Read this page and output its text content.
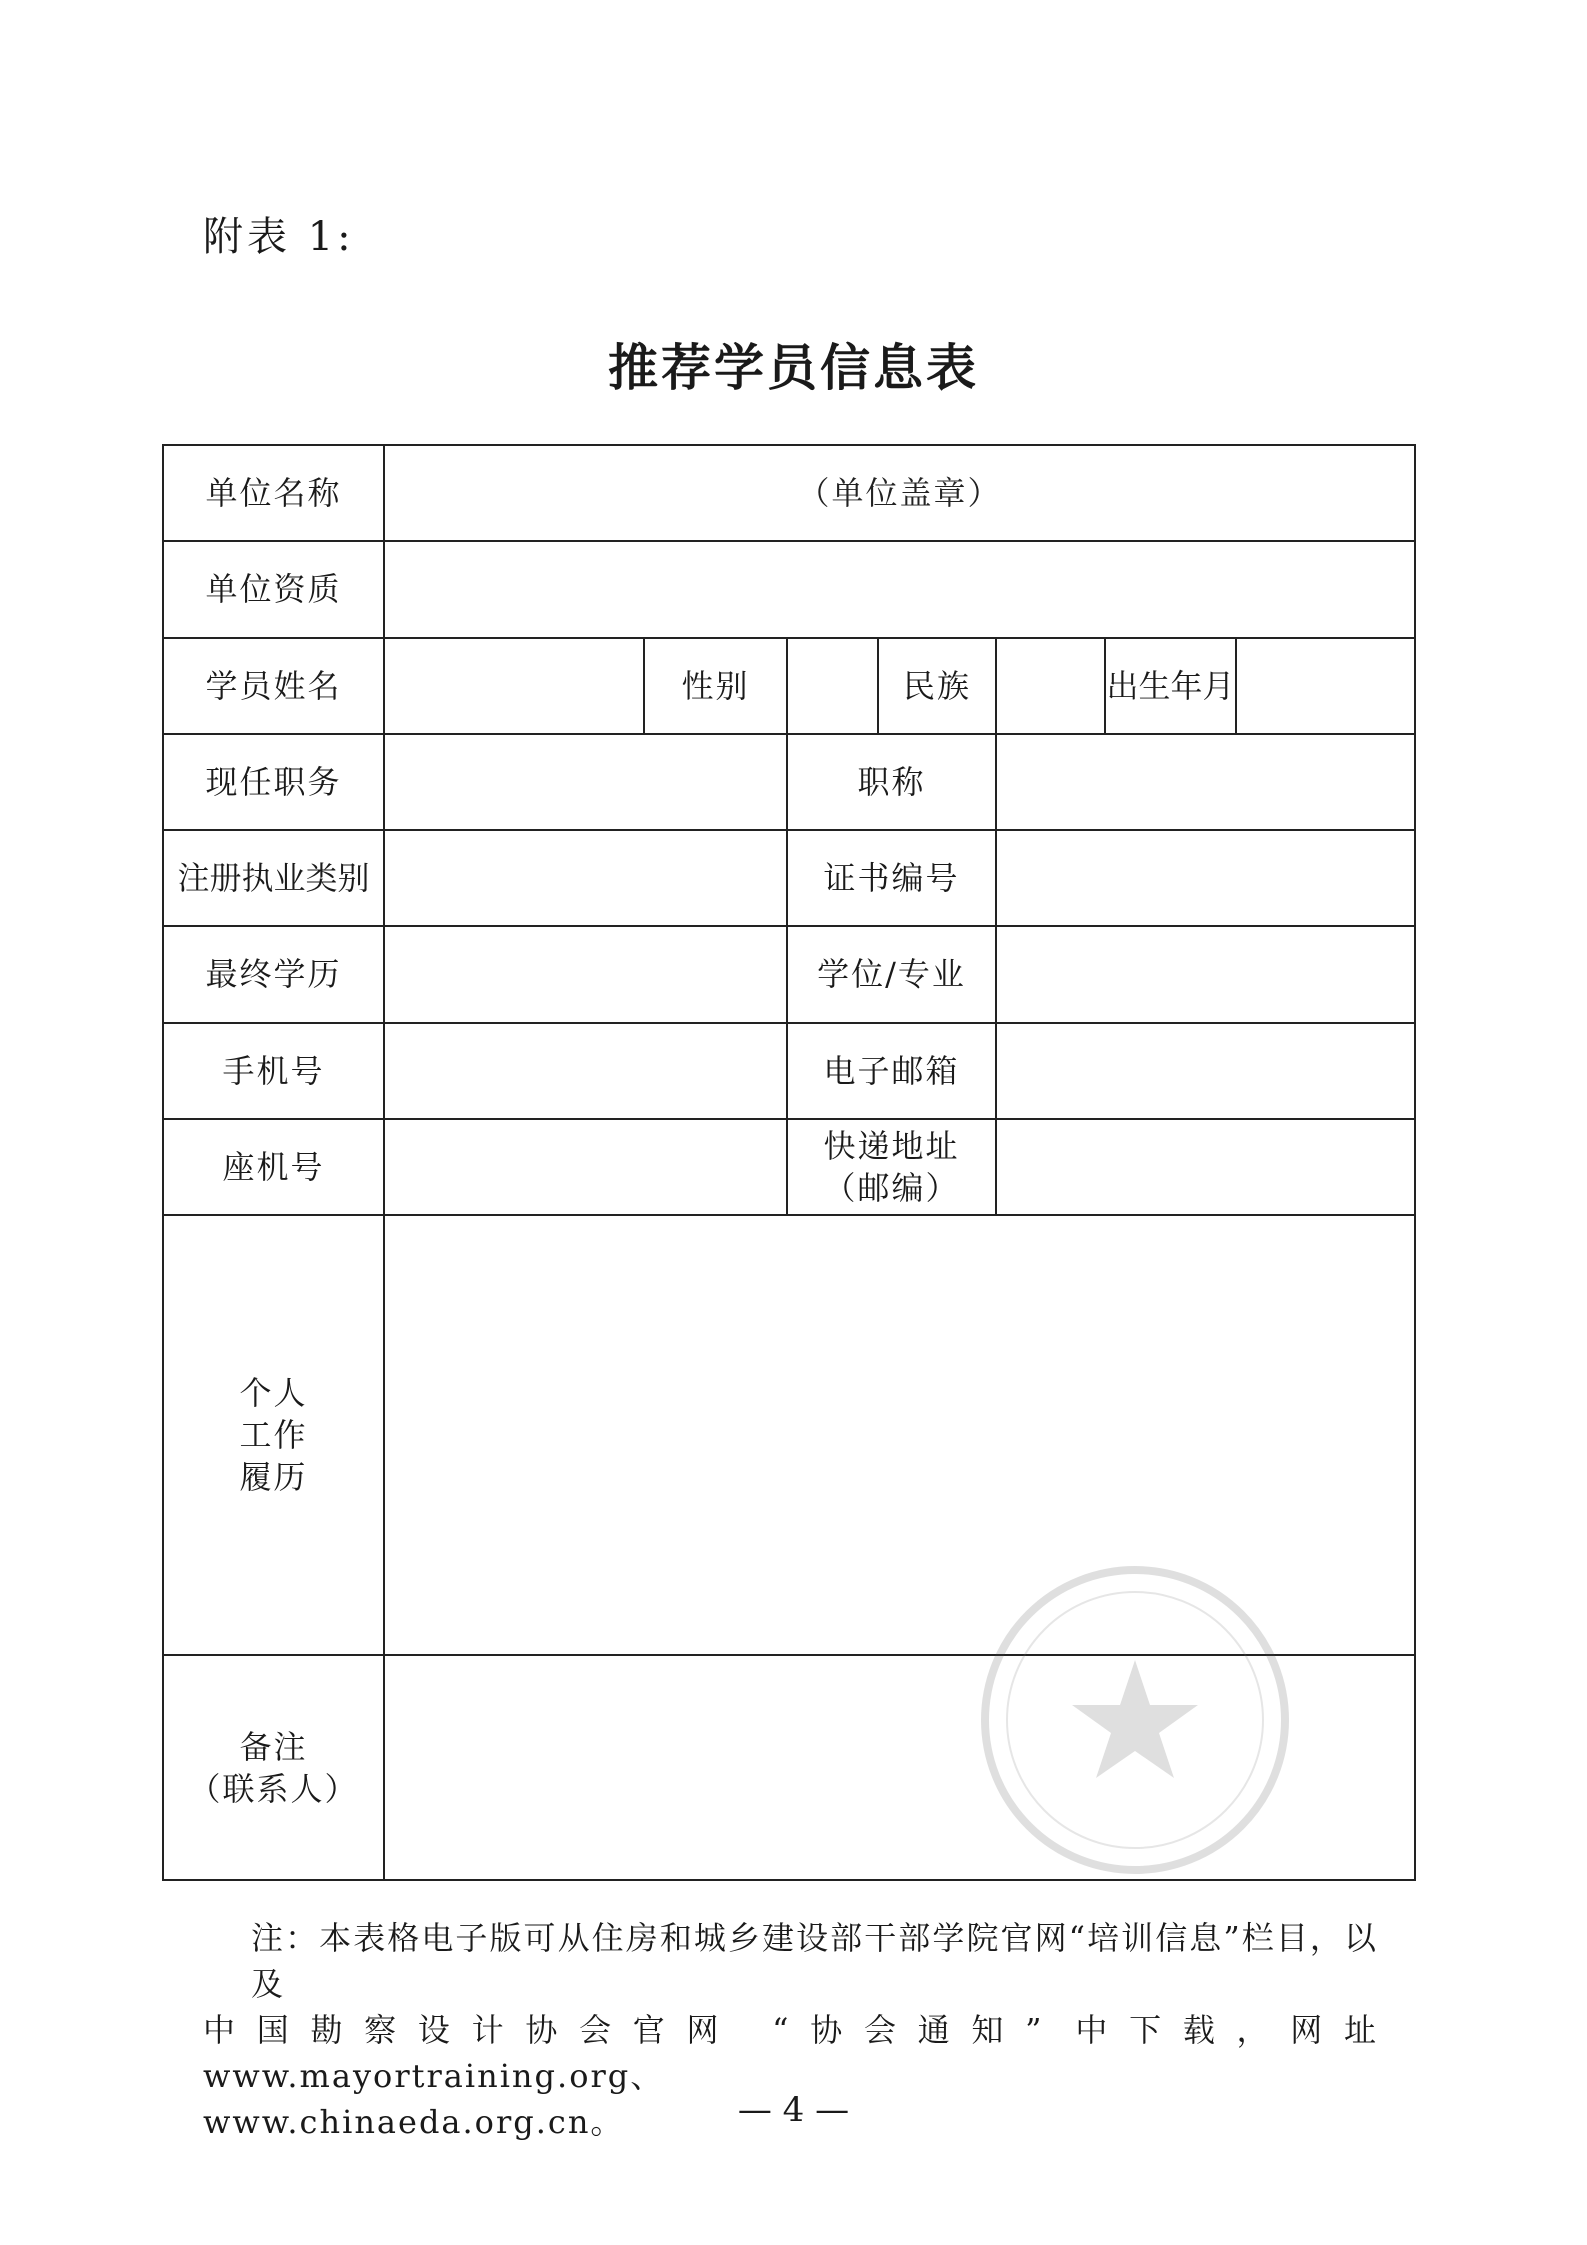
附表 1:
推荐学员信息表
单位名称	（单位盖章）						
单位资质							
学员姓名		性别		民族		出生年月	
现任职务			职称				
注册执业类别			证书编号				
最终学历			学位/专业				
手机号			电子邮箱				
座机号			快递地址
（邮编）				

个人
工作
履历							

备注
（联系人）							

注：本表格电子版可从住房和城乡建设部干部学院官网“培训信息”栏目，以及
中国勘察设计协会官网 “协会通知” 中下载，网址 www.mayortraining.org、
www.chinaeda.org.cn。	— 4 —
